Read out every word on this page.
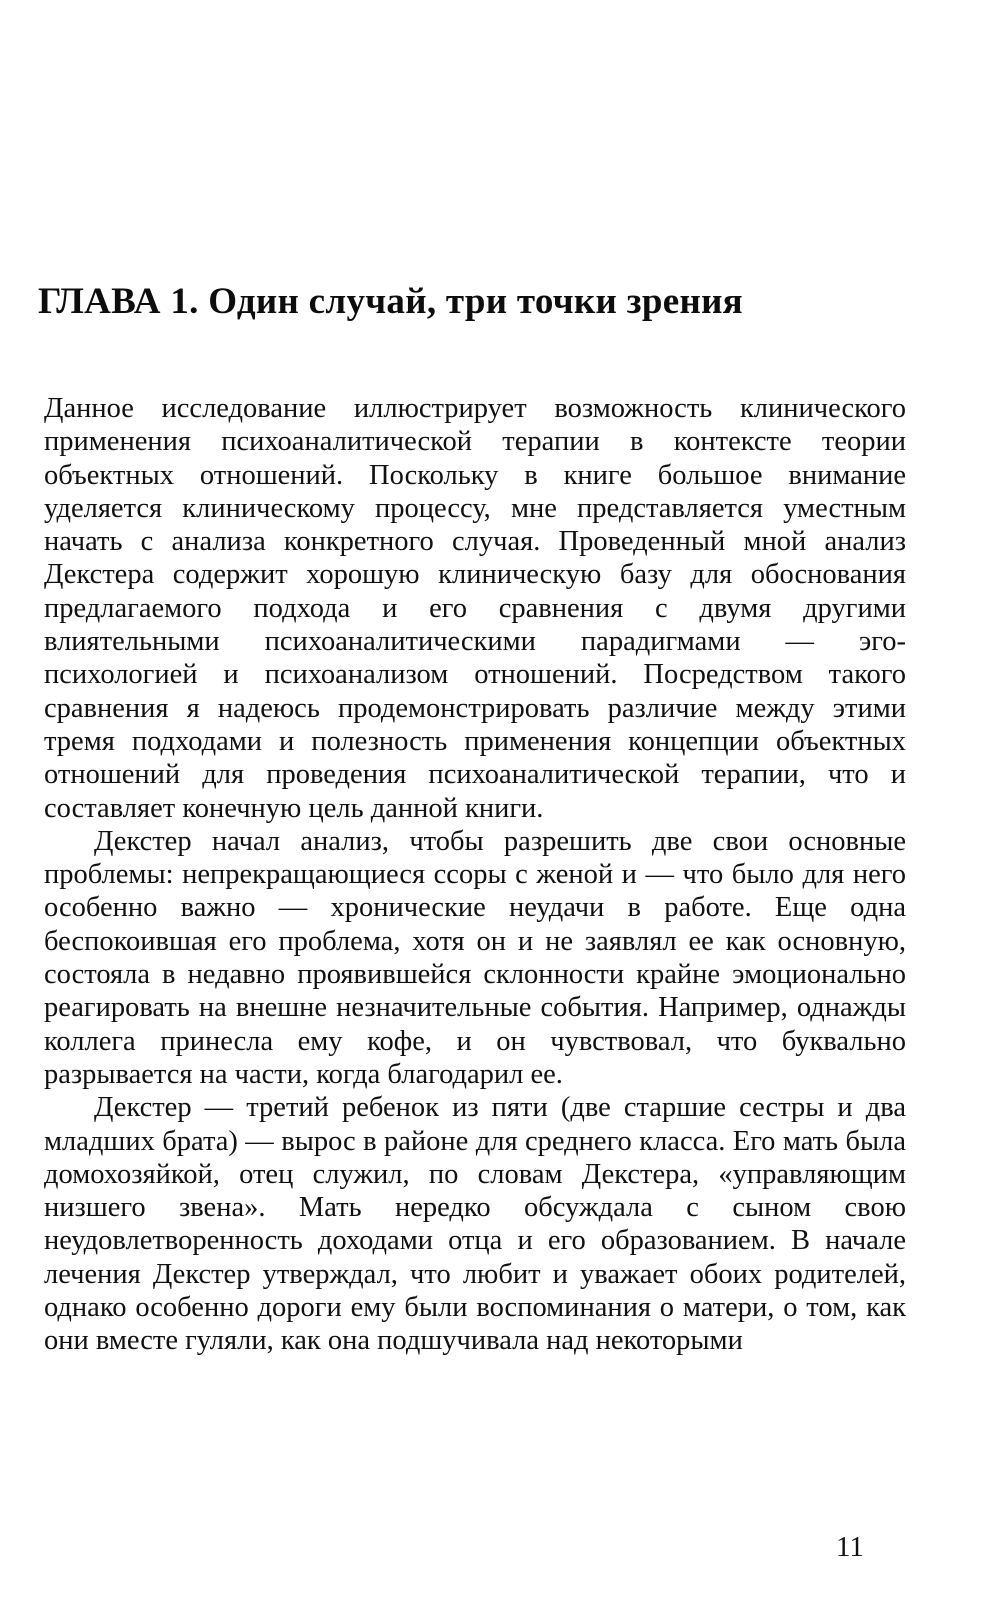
ГЛАВА 1. Один случай, три точки зрения

Данное исследование иллюстрирует возможность клинического применения психоаналитической терапии в контексте теории объектных отношений. Поскольку в книге большое внимание уделяется клиническому процессу, мне представляется уместным начать с анализа конкретного случая. Проведенный мной анализ Декстера содержит хорошую клиническую базу для обоснования предлагаемого подхода и его сравнения с двумя другими влиятельными психоаналитическими парадигмами — эго-психологией и психоанализом отношений. Посредством такого сравнения я надеюсь продемонстрировать различие между этими тремя подходами и полезность применения концепции объектных отношений для проведения психоаналитической терапии, что и составляет конечную цель данной книги.

Декстер начал анализ, чтобы разрешить две свои основные проблемы: непрекращающиеся ссоры с женой и — что было для него особенно важно — хронические неудачи в работе. Еще одна беспокоившая его проблема, хотя он и не заявлял ее как основную, состояла в недавно проявившейся склонности крайне эмоционально реагировать на внешне незначительные события. Например, однажды коллега принесла ему кофе, и он чувствовал, что буквально разрывается на части, когда благодарил ее.

Декстер — третий ребенок из пяти (две старшие сестры и два младших брата) — вырос в районе для среднего класса. Его мать была домохозяйкой, отец служил, по словам Декстера, «управляющим низшего звена». Мать нередко обсуждала с сыном свою неудовлетворенность доходами отца и его образованием. В начале лечения Декстер утверждал, что любит и уважает обоих родителей, однако особенно дороги ему были воспоминания о матери, о том, как они вместе гуляли, как она подшучивала над некоторыми

11
